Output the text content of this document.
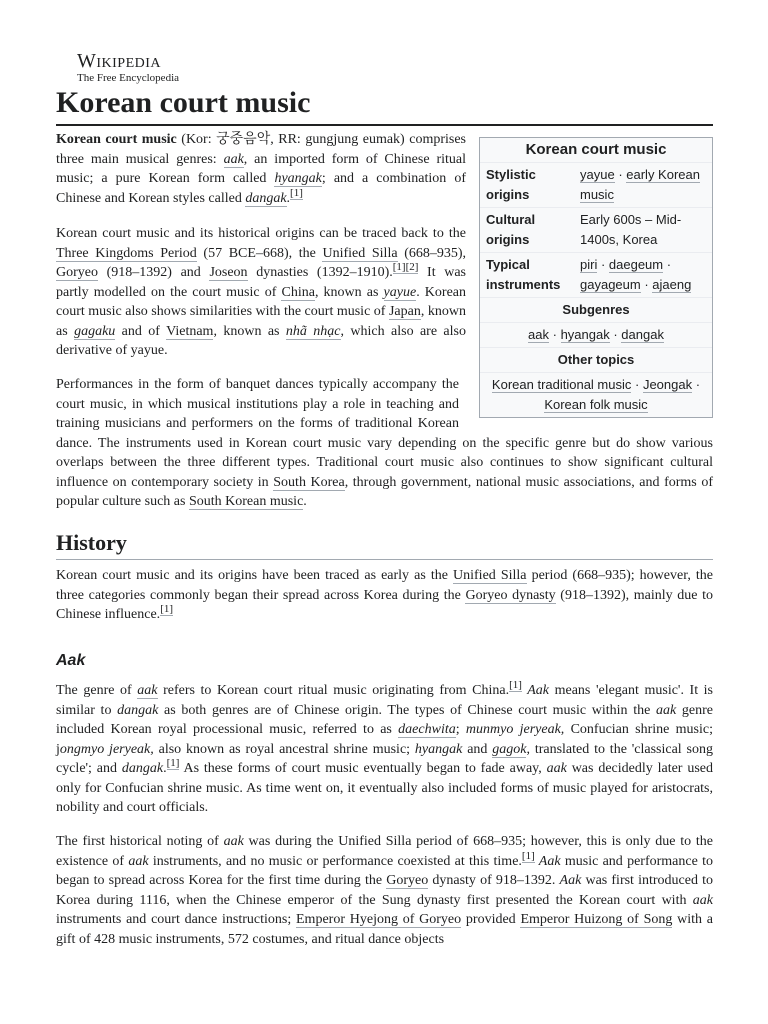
Wikipedia
The Free Encyclopedia
Korean court music
Korean court music
Stylistic origins
yayue · early Korean music
Cultural origins
Early 600s – Mid-1400s, Korea
Typical instruments
piri · daegeum · gayageum · ajaeng
Subgenres
aak · hyangak · dangak
Other topics
Korean traditional music · Jeongak · Korean folk music

Korean court music (Kor: 궁중음악, RR: gungjung eumak) comprises three main musical genres: aak, an imported form of Chinese ritual music; a pure Korean form called hyangak; and a combination of Chinese and Korean styles called dangak.[1]

Korean court music and its historical origins can be traced back to the Three Kingdoms Period (57 BCE–668), the Unified Silla (668–935), Goryeo (918–1392) and Joseon dynasties (1392–1910).[1][2] It was partly modelled on the court music of China, known as yayue. Korean court music also shows similarities with the court music of Japan, known as gagaku and of Vietnam, known as nhã nhạc, which also are also derivative of yayue.

Performances in the form of banquet dances typically accompany the court music, in which musical institutions play a role in teaching and training musicians and performers on the forms of traditional Korean dance. The instruments used in Korean court music vary depending on the specific genre but do show various overlaps between the three different types. Traditional court music also continues to show significant cultural influence on contemporary society in South Korea, through government, national music associations, and forms of popular culture such as South Korean music.

History

Korean court music and its origins have been traced as early as the Unified Silla period (668–935); however, the three categories commonly began their spread across Korea during the Goryeo dynasty (918–1392), mainly due to Chinese influence.[1]

Aak

The genre of aak refers to Korean court ritual music originating from China.[1] Aak means 'elegant music'. It is similar to dangak as both genres are of Chinese origin. The types of Chinese court music within the aak genre included Korean royal processional music, referred to as daechwita; munmyo jeryeak, Confucian shrine music; jongmyo jeryeak, also known as royal ancestral shrine music; hyangak and gagok, translated to the 'classical song cycle'; and dangak.[1] As these forms of court music eventually began to fade away, aak was decidedly later used only for Confucian shrine music. As time went on, it eventually also included forms of music played for aristocrats, nobility and court officials.

The first historical noting of aak was during the Unified Silla period of 668–935; however, this is only due to the existence of aak instruments, and no music or performance coexisted at this time.[1] Aak music and performance to began to spread across Korea for the first time during the Goryeo dynasty of 918–1392. Aak was first introduced to Korea during 1116, when the Chinese emperor of the Sung dynasty first presented the Korean court with aak instruments and court dance instructions; Emperor Hyejong of Goryeo provided Emperor Huizong of Song with a gift of 428 music instruments, 572 costumes, and ritual dance objects
